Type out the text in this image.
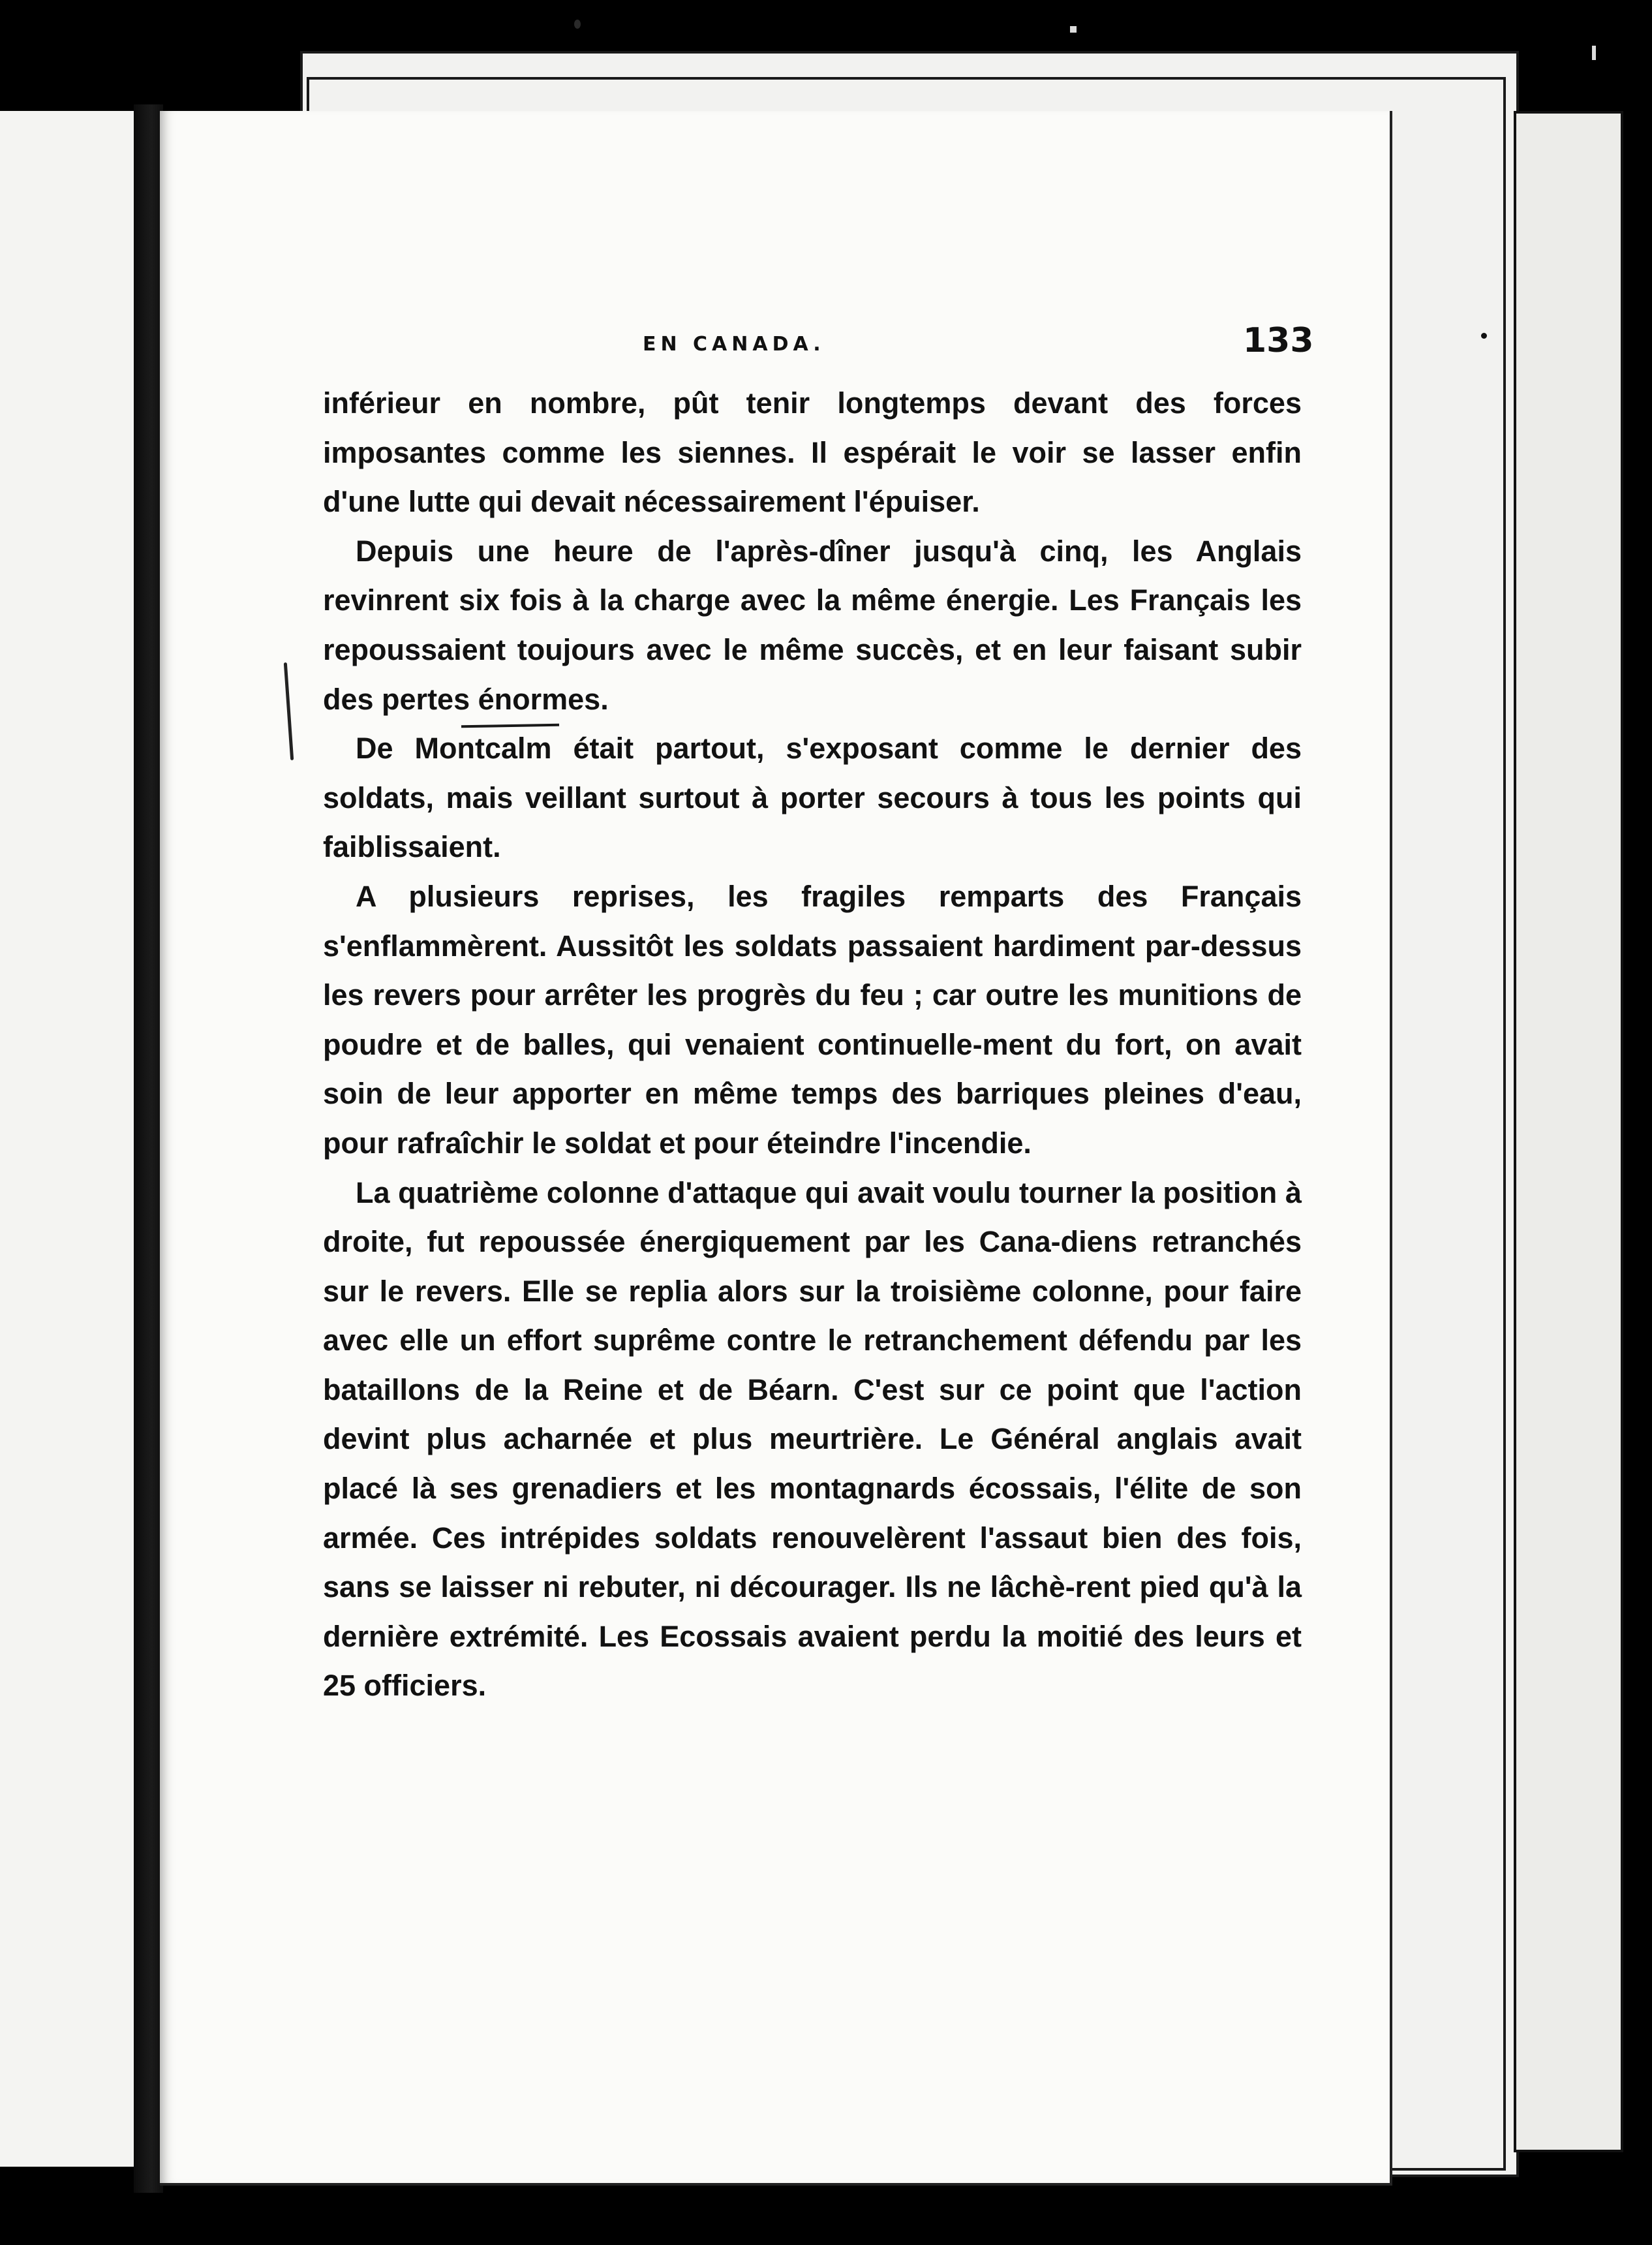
EN CANADA.	133

inférieur en nombre, pût tenir longtemps devant des forces imposantes comme les siennes. Il espérait le voir se lasser enfin d'une lutte qui devait nécessairement l'épuiser.

Depuis une heure de l'après-dîner jusqu'à cinq, les Anglais revinrent six fois à la charge avec la même énergie. Les Français les repoussaient toujours avec le même succès, et en leur faisant subir des pertes énormes.

De Montcalm était partout, s'exposant comme le dernier des soldats, mais veillant surtout à porter secours à tous les points qui faiblissaient.

A plusieurs reprises, les fragiles remparts des Français s'enflammèrent. Aussitôt les soldats passaient hardiment par-dessus les revers pour arrêter les progrès du feu ; car outre les munitions de poudre et de balles, qui venaient continuelle-ment du fort, on avait soin de leur apporter en même temps des barriques pleines d'eau, pour rafraîchir le soldat et pour éteindre l'incendie.

La quatrième colonne d'attaque qui avait voulu tourner la position à droite, fut repoussée énergiquement par les Cana-diens retranchés sur le revers. Elle se replia alors sur la troisième colonne, pour faire avec elle un effort suprême contre le retranchement défendu par les bataillons de la Reine et de Béarn. C'est sur ce point que l'action devint plus acharnée et plus meurtrière. Le Général anglais avait placé là ses grenadiers et les montagnards écossais, l'élite de son armée. Ces intrépides soldats renouvelèrent l'assaut bien des fois, sans se laisser ni rebuter, ni décourager. Ils ne lâchè-rent pied qu'à la dernière extrémité. Les Ecossais avaient perdu la moitié des leurs et 25 officiers.
